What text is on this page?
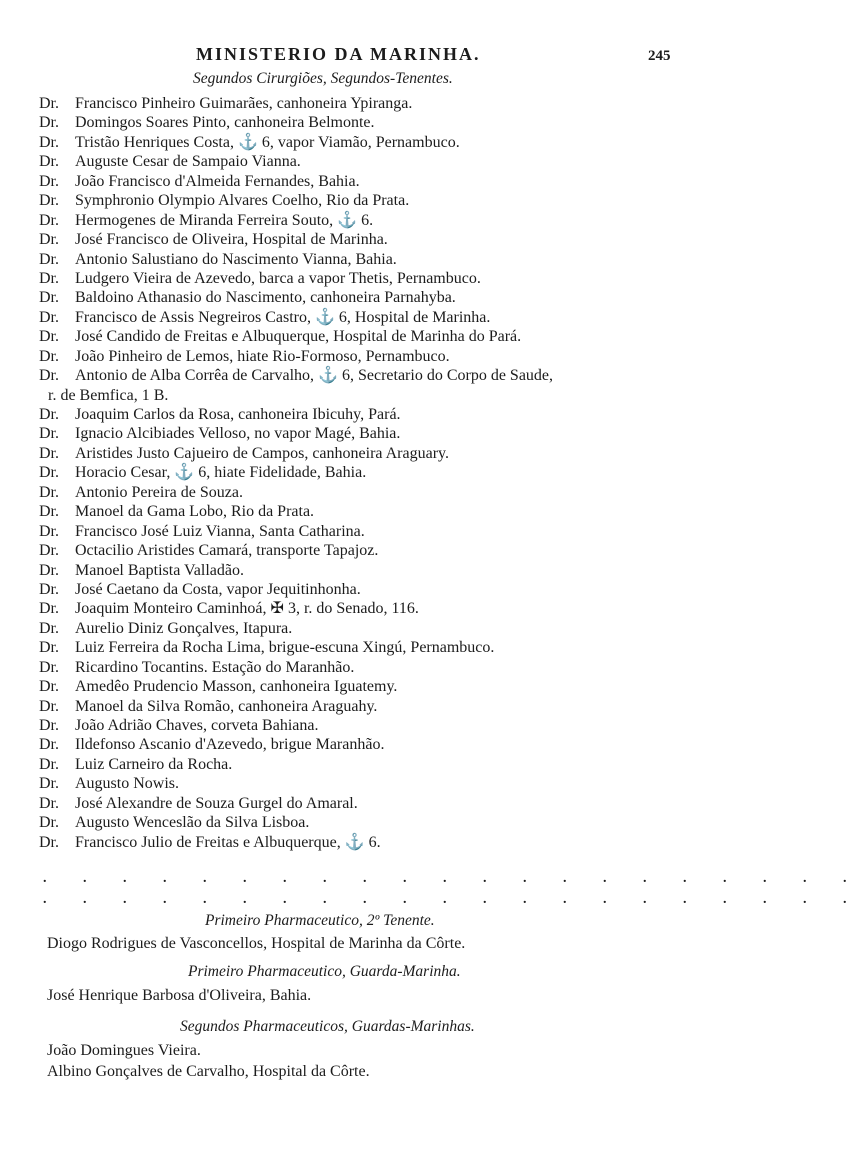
MINISTERIO DA MARINHA.	245
Segundos Cirurgiões, Segundos-Tenentes.
Dr. Francisco Pinheiro Guimarães, canhoneira Ypiranga.
Dr. Domingos Soares Pinto, canhoneira Belmonte.
Dr. Tristão Henriques Costa, ⚓ 6, vapor Viamão, Pernambuco.
Dr. Auguste Cesar de Sampaio Vianna.
Dr. João Francisco d'Almeida Fernandes, Bahia.
Dr. Symphronio Olympio Alvares Coelho, Rio da Prata.
Dr. Hermogenes de Miranda Ferreira Souto, ⚓ 6.
Dr. José Francisco de Oliveira, Hospital de Marinha.
Dr. Antonio Salustiano do Nascimento Vianna, Bahia.
Dr. Ludgero Vieira de Azevedo, barca a vapor Thetis, Pernambuco.
Dr. Baldoino Athanasio do Nascimento, canhoneira Parnahyba.
Dr. Francisco de Assis Negreiros Castro, ⚓ 6, Hospital de Marinha.
Dr. José Candido de Freitas e Albuquerque, Hospital de Marinha do Pará.
Dr. João Pinheiro de Lemos, hiate Rio-Formoso, Pernambuco.
Dr. Antonio de Alba Corrêa de Carvalho, ⚓ 6, Secretario do Corpo de Saude,
r. de Bemfica, 1 B.
Dr. Joaquim Carlos da Rosa, canhoneira Ibicuhy, Pará.
Dr. Ignacio Alcibiades Velloso, no vapor Magé, Bahia.
Dr. Aristides Justo Cajueiro de Campos, canhoneira Araguary.
Dr. Horacio Cesar, ⚓ 6, hiate Fidelidade, Bahia.
Dr. Antonio Pereira de Souza.
Dr. Manoel da Gama Lobo, Rio da Prata.
Dr. Francisco José Luiz Vianna, Santa Catharina.
Dr. Octacilio Aristides Camará, transporte Tapajoz.
Dr. Manoel Baptista Valladão.
Dr. José Caetano da Costa, vapor Jequitinhonha.
Dr. Joaquim Monteiro Caminhoá, ✠ 3, r. do Senado, 116.
Dr. Aurelio Diniz Gonçalves, Itapura.
Dr. Luiz Ferreira da Rocha Lima, brigue-escuna Xingú, Pernambuco.
Dr. Ricardino Tocantins. Estação do Maranhão.
Dr. Amedêo Prudencio Masson, canhoneira Iguatemy.
Dr. Manoel da Silva Romão, canhoneira Araguahy.
Dr. João Adrião Chaves, corveta Bahiana.
Dr. Ildefonso Ascanio d'Azevedo, brigue Maranhão.
Dr. Luiz Carneiro da Rocha.
Dr. Augusto Nowis.
Dr. José Alexandre de Souza Gurgel do Amaral.
Dr. Augusto Wenceslão da Silva Lisboa.
Dr. Francisco Julio de Freitas e Albuquerque, ⚓ 6.
. . . . . . . . . . . . . . . . . . . . .
. . . . . . . . . . . . . . . . . . . . .
Primeiro Pharmaceutico, 2º Tenente.
Diogo Rodrigues de Vasconcellos, Hospital de Marinha da Côrte.
Primeiro Pharmaceutico, Guarda-Marinha.
José Henrique Barbosa d'Oliveira, Bahia.
Segundos Pharmaceuticos, Guardas-Marinhas.
João Domingues Vieira.
Albino Gonçalves de Carvalho, Hospital da Côrte.
